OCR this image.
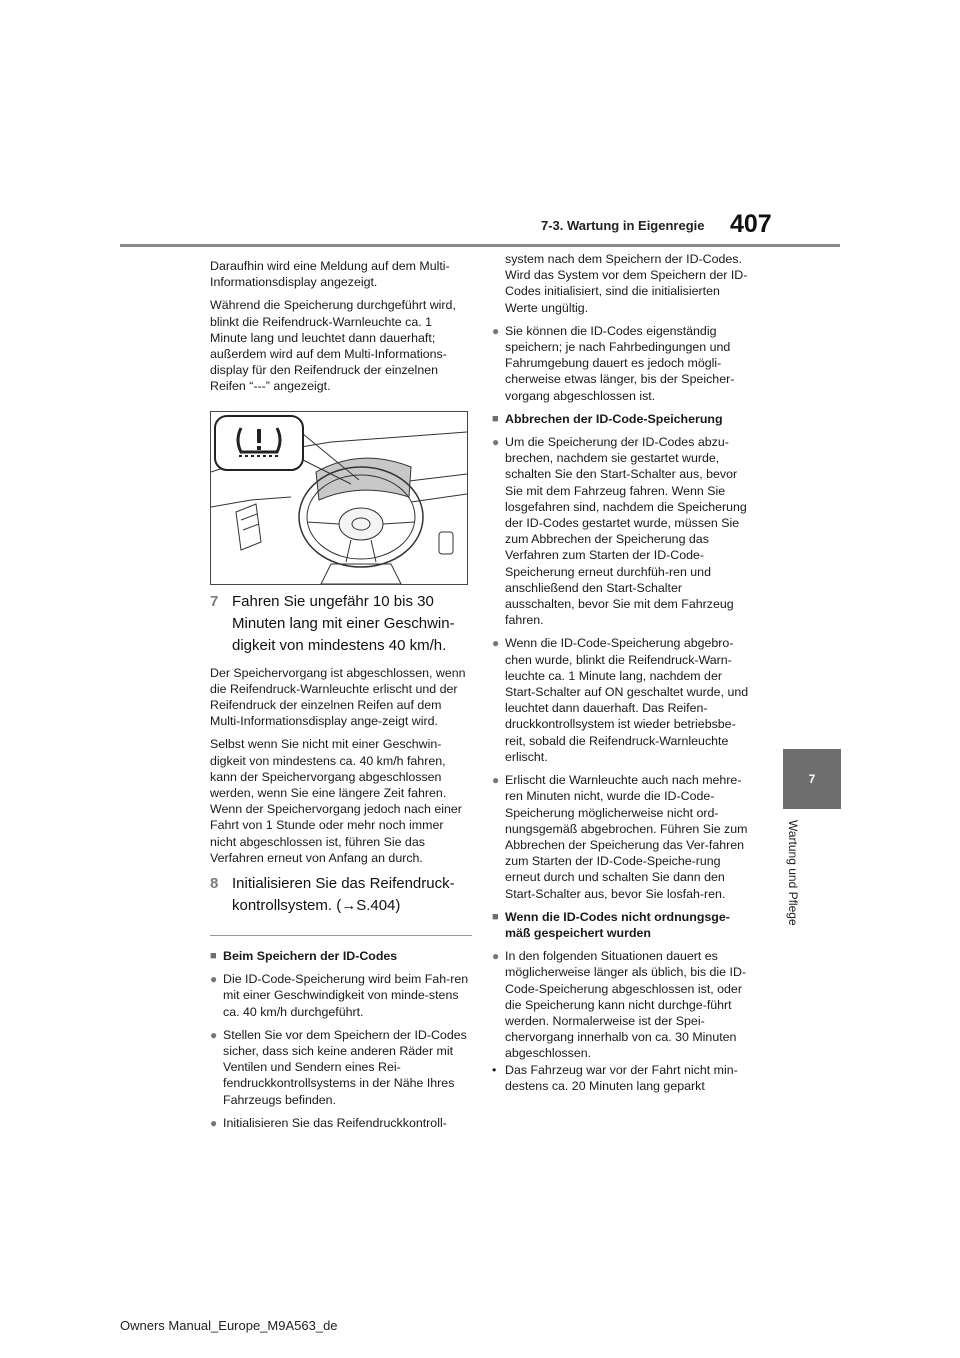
7-3. Wartung in Eigenregie 407
7
Wartung und Pflege

Daraufhin wird eine Meldung auf dem Multi-Informationsdisplay angezeigt.

Während die Speicherung durchgeführt wird, blinkt die Reifendruck-Warnleuchte ca. 1 Minute lang und leuchtet dann dauerhaft; außerdem wird auf dem Multi-Informations-display für den Reifendruck der einzelnen Reifen “---” angezeigt.

7 Fahren Sie ungefähr 10 bis 30 Minuten lang mit einer Geschwin-digkeit von mindestens 40 km/h.

Der Speichervorgang ist abgeschlossen, wenn die Reifendruck-Warnleuchte erlischt und der Reifendruck der einzelnen Reifen auf dem Multi-Informationsdisplay ange-zeigt wird.

Selbst wenn Sie nicht mit einer Geschwin-digkeit von mindestens ca. 40 km/h fahren, kann der Speichervorgang abgeschlossen werden, wenn Sie eine längere Zeit fahren. Wenn der Speichervorgang jedoch nach einer Fahrt von 1 Stunde oder mehr noch immer nicht abgeschlossen ist, führen Sie das Verfahren erneut von Anfang an durch.

8 Initialisieren Sie das Reifendruck-kontrollsystem. (→S.404)
■ Beim Speichern der ID-Codes
● Die ID-Code-Speicherung wird beim Fah-ren mit einer Geschwindigkeit von minde-stens ca. 40 km/h durchgeführt.
● Stellen Sie vor dem Speichern der ID-Codes sicher, dass sich keine anderen Räder mit Ventilen und Sendern eines Rei-fendruckkontrollsystems in der Nähe Ihres Fahrzeugs befinden.
● Initialisieren Sie das Reifendruckkontroll-

system nach dem Speichern der ID-Codes. Wird das System vor dem Speichern der ID-Codes initialisiert, sind die initialisierten Werte ungültig.

● Sie können die ID-Codes eigenständig speichern; je nach Fahrbedingungen und Fahrumgebung dauert es jedoch mögli-cherweise etwas länger, bis der Speicher-vorgang abgeschlossen ist.
■ Abbrechen der ID-Code-Speicherung
● Um die Speicherung der ID-Codes abzu-brechen, nachdem sie gestartet wurde, schalten Sie den Start-Schalter aus, bevor Sie mit dem Fahrzeug fahren. Wenn Sie losgefahren sind, nachdem die Speicherung der ID-Codes gestartet wurde, müssen Sie zum Abbrechen der Speicherung das Verfahren zum Starten der ID-Code-Speicherung erneut durchfüh-ren und anschließend den Start-Schalter ausschalten, bevor Sie mit dem Fahrzeug fahren.
● Wenn die ID-Code-Speicherung abgebro-chen wurde, blinkt die Reifendruck-Warn-leuchte ca. 1 Minute lang, nachdem der Start-Schalter auf ON geschaltet wurde, und leuchtet dann dauerhaft. Das Reifen-druckkontrollsystem ist wieder betriebsbe-reit, sobald die Reifendruck-Warnleuchte erlischt.
● Erlischt die Warnleuchte auch nach mehre-ren Minuten nicht, wurde die ID-Code-Speicherung möglicherweise nicht ord-nungsgemäß abgebrochen. Führen Sie zum Abbrechen der Speicherung das Ver-fahren zum Starten der ID-Code-Speiche-rung erneut durch und schalten Sie dann den Start-Schalter aus, bevor Sie losfah-ren.
■ Wenn die ID-Codes nicht ordnungsge-mäß gespeichert wurden
● In den folgenden Situationen dauert es möglicherweise länger als üblich, bis die ID-Code-Speicherung abgeschlossen ist, oder die Speicherung kann nicht durchge-führt werden. Normalerweise ist der Spei-chervorgang innerhalb von ca. 30 Minuten abgeschlossen.
• Das Fahrzeug war vor der Fahrt nicht min-destens ca. 20 Minuten lang geparkt
Owners Manual_Europe_M9A563_de
